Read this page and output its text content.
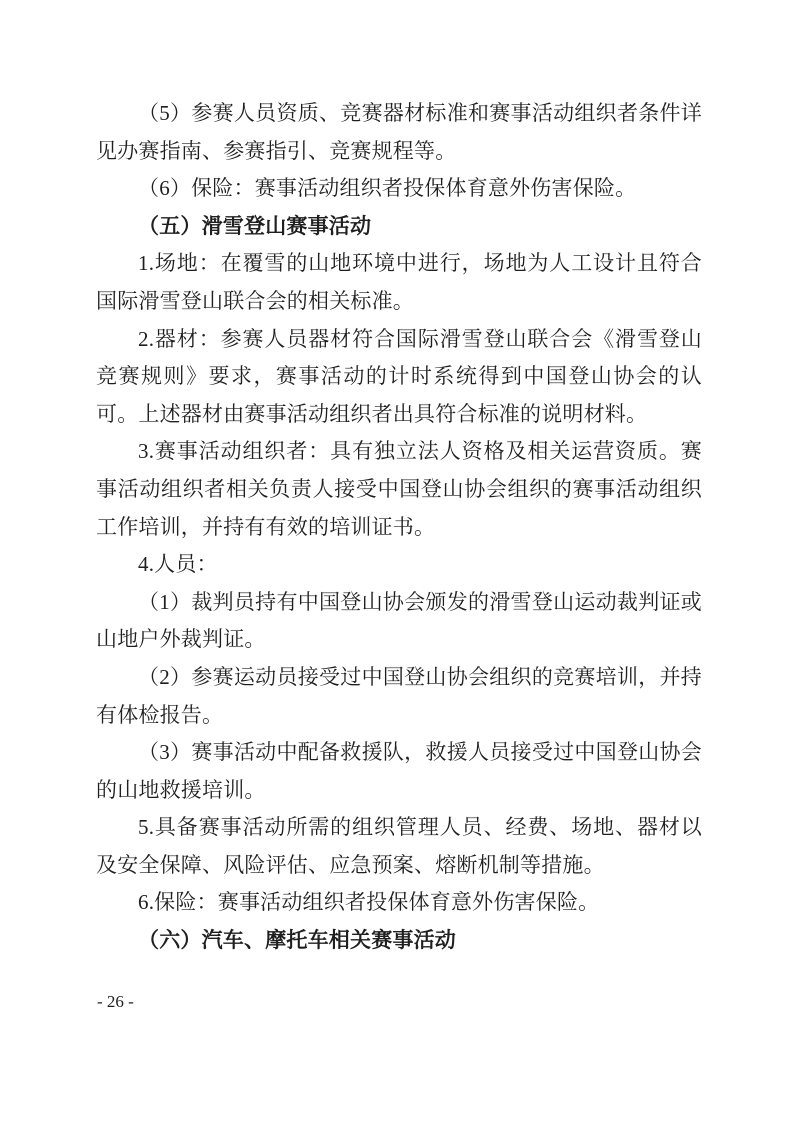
（5）参赛人员资质、竞赛器材标准和赛事活动组织者条件详见办赛指南、参赛指引、竞赛规程等。
（6）保险：赛事活动组织者投保体育意外伤害保险。
（五）滑雪登山赛事活动
1.场地：在覆雪的山地环境中进行，场地为人工设计且符合国际滑雪登山联合会的相关标准。
2.器材：参赛人员器材符合国际滑雪登山联合会《滑雪登山竞赛规则》要求，赛事活动的计时系统得到中国登山协会的认可。上述器材由赛事活动组织者出具符合标准的说明材料。
3.赛事活动组织者：具有独立法人资格及相关运营资质。赛事活动组织者相关负责人接受中国登山协会组织的赛事活动组织工作培训，并持有有效的培训证书。
4.人员：
（1）裁判员持有中国登山协会颁发的滑雪登山运动裁判证或山地户外裁判证。
（2）参赛运动员接受过中国登山协会组织的竞赛培训，并持有体检报告。
（3）赛事活动中配备救援队，救援人员接受过中国登山协会的山地救援培训。
5.具备赛事活动所需的组织管理人员、经费、场地、器材以及安全保障、风险评估、应急预案、熔断机制等措施。
6.保险：赛事活动组织者投保体育意外伤害保险。
（六）汽车、摩托车相关赛事活动
- 26 -
